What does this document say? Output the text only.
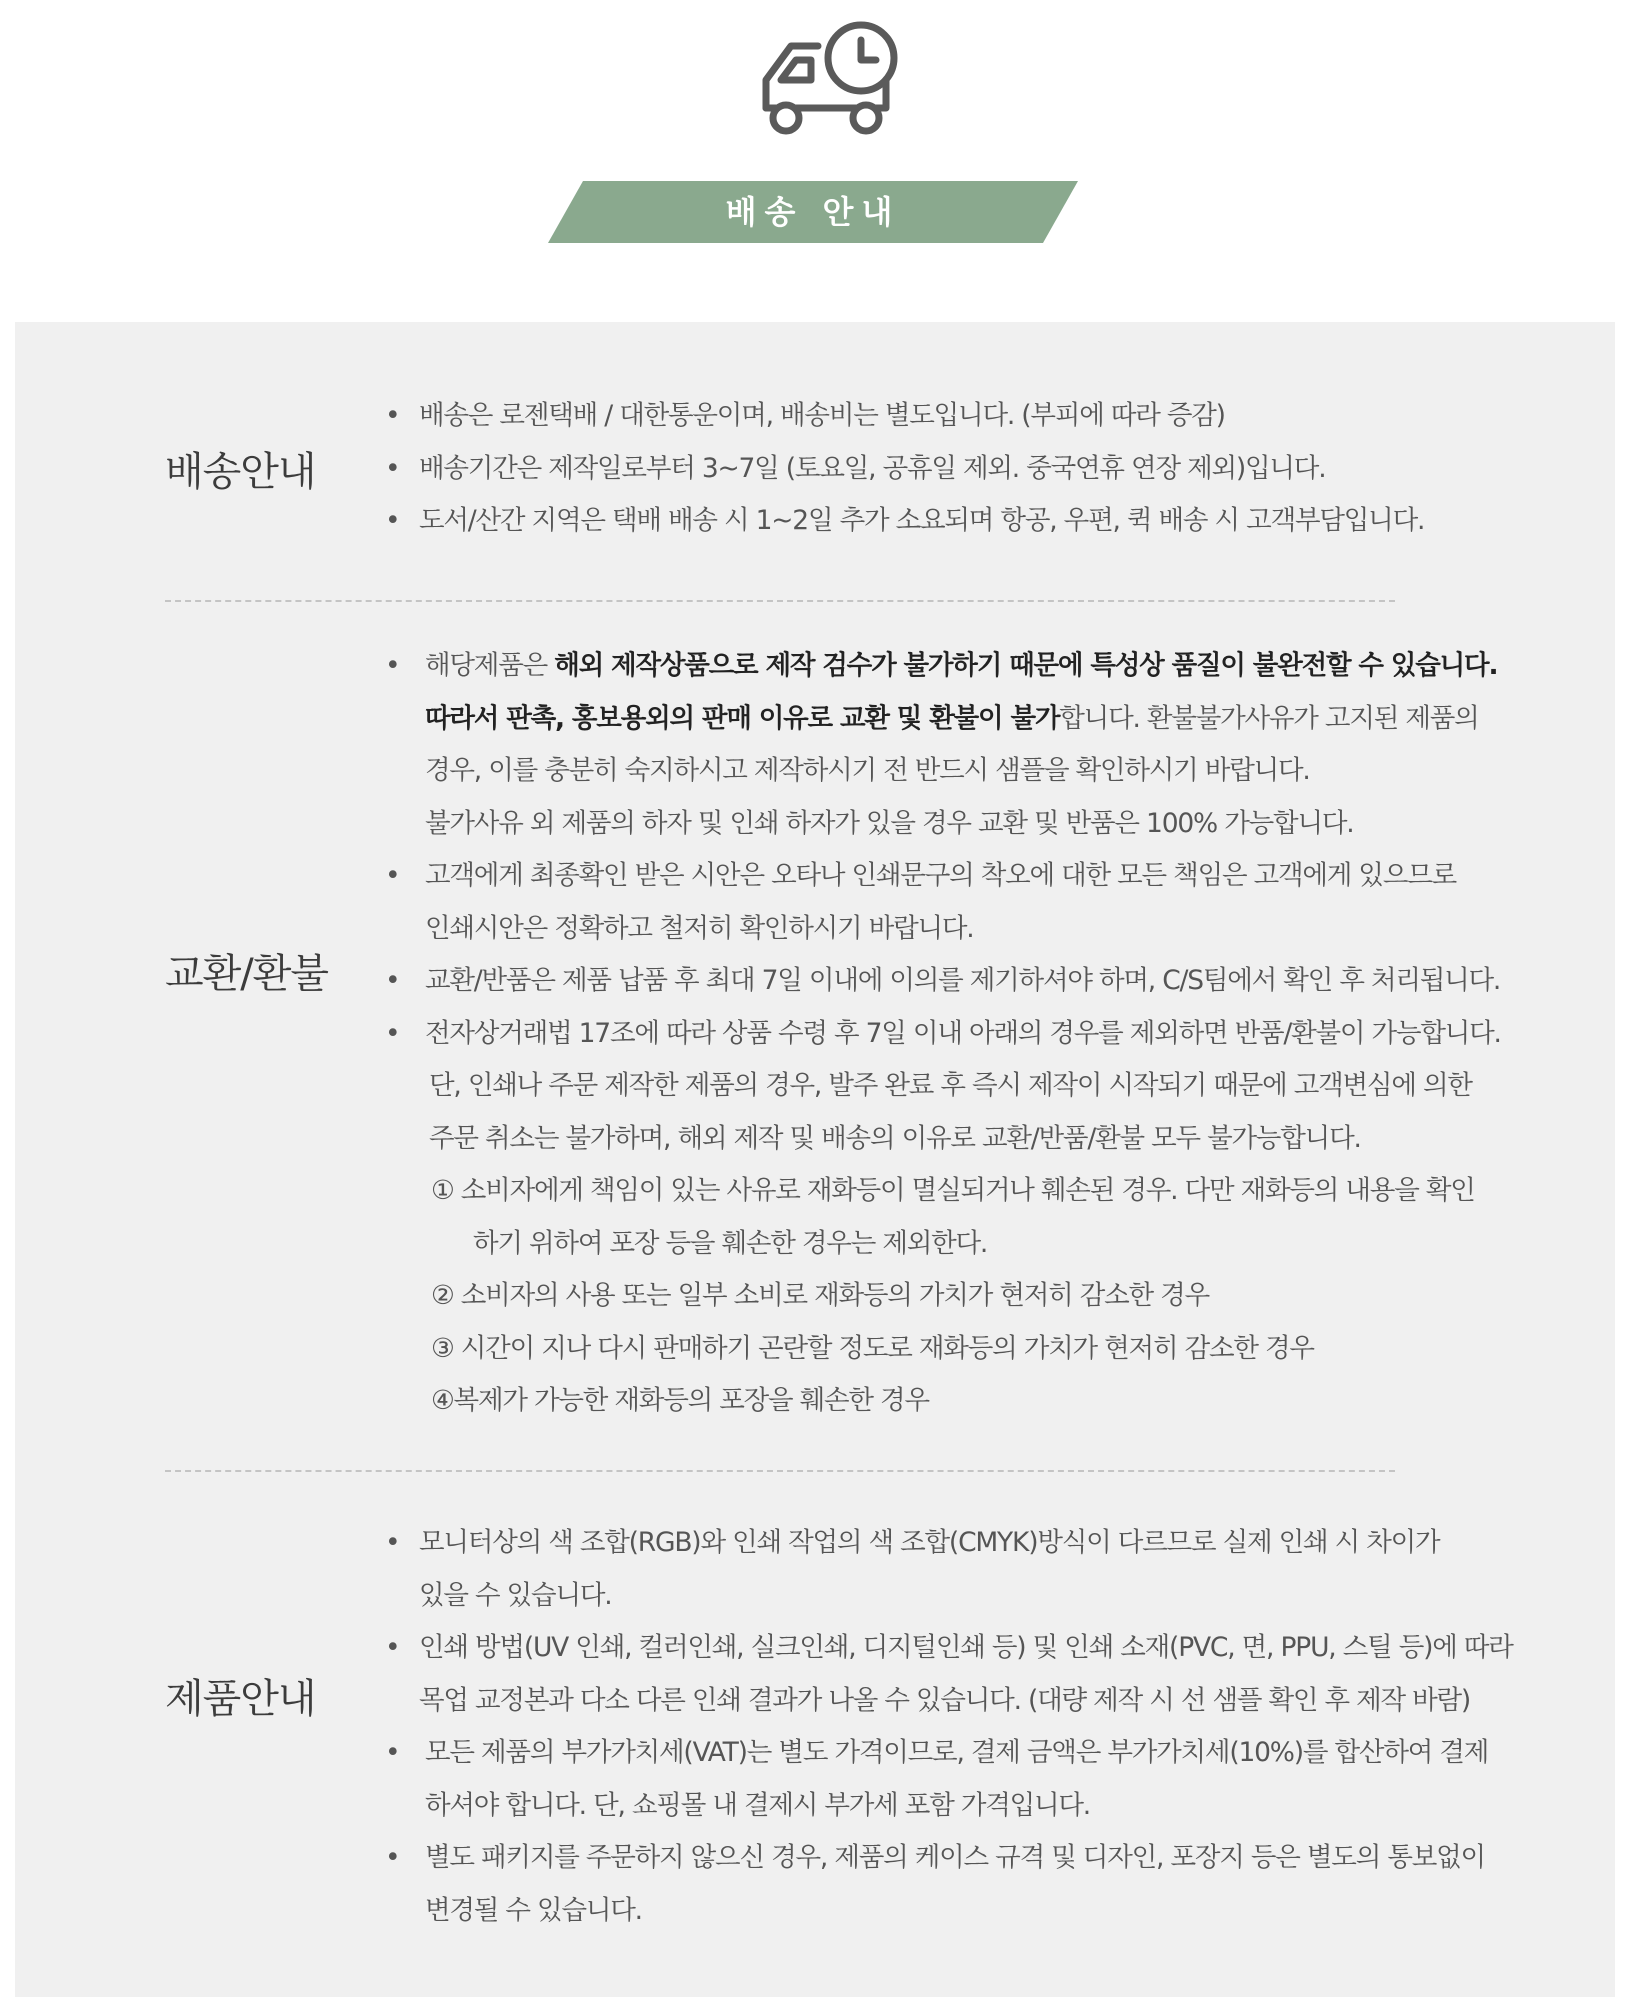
배송 안내
배송안내
• 배송은 로젠택배 / 대한통운이며, 배송비는 별도입니다. (부피에 따라 증감)
• 배송기간은 제작일로부터 3~7일 (토요일, 공휴일 제외. 중국연휴 연장 제외)입니다.
• 도서/산간 지역은 택배 배송 시 1~2일 추가 소요되며 항공, 우편, 퀵 배송 시 고객부담입니다.
교환/환불
• 해당제품은 해외 제작상품으로 제작 검수가 불가하기 때문에 특성상 품질이 불완전할 수 있습니다.
따라서 판촉, 홍보용외의 판매 이유로 교환 및 환불이 불가합니다. 환불불가사유가 고지된 제품의
경우, 이를 충분히 숙지하시고 제작하시기 전 반드시 샘플을 확인하시기 바랍니다.
불가사유 외 제품의 하자 및 인쇄 하자가 있을 경우 교환 및 반품은 100% 가능합니다.
• 고객에게 최종확인 받은 시안은 오타나 인쇄문구의 착오에 대한 모든 책임은 고객에게 있으므로
인쇄시안은 정확하고 철저히 확인하시기 바랍니다.
• 교환/반품은 제품 납품 후 최대 7일 이내에 이의를 제기하셔야 하며, C/S팀에서 확인 후 처리됩니다.
• 전자상거래법 17조에 따라 상품 수령 후 7일 이내 아래의 경우를 제외하면 반품/환불이 가능합니다.
단, 인쇄나 주문 제작한 제품의 경우, 발주 완료 후 즉시 제작이 시작되기 때문에 고객변심에 의한
주문 취소는 불가하며, 해외 제작 및 배송의 이유로 교환/반품/환불 모두 불가능합니다.
① 소비자에게 책임이 있는 사유로 재화등이 멸실되거나 훼손된 경우. 다만 재화등의 내용을 확인
하기 위하여 포장 등을 훼손한 경우는 제외한다.
② 소비자의 사용 또는 일부 소비로 재화등의 가치가 현저히 감소한 경우
③ 시간이 지나 다시 판매하기 곤란할 정도로 재화등의 가치가 현저히 감소한 경우
④복제가 가능한 재화등의 포장을 훼손한 경우
제품안내
• 모니터상의 색 조합(RGB)와 인쇄 작업의 색 조합(CMYK)방식이 다르므로 실제 인쇄 시 차이가
있을 수 있습니다.
• 인쇄 방법(UV 인쇄, 컬러인쇄, 실크인쇄, 디지털인쇄 등) 및 인쇄 소재(PVC, 면, PPU, 스틸 등)에 따라
목업 교정본과 다소 다른 인쇄 결과가 나올 수 있습니다. (대량 제작 시 선 샘플 확인 후 제작 바람)
• 모든 제품의 부가가치세(VAT)는 별도 가격이므로, 결제 금액은 부가가치세(10%)를 합산하여 결제
하셔야 합니다. 단, 쇼핑몰 내 결제시 부가세 포함 가격입니다.
• 별도 패키지를 주문하지 않으신 경우, 제품의 케이스 규격 및 디자인, 포장지 등은 별도의 통보없이
변경될 수 있습니다.
